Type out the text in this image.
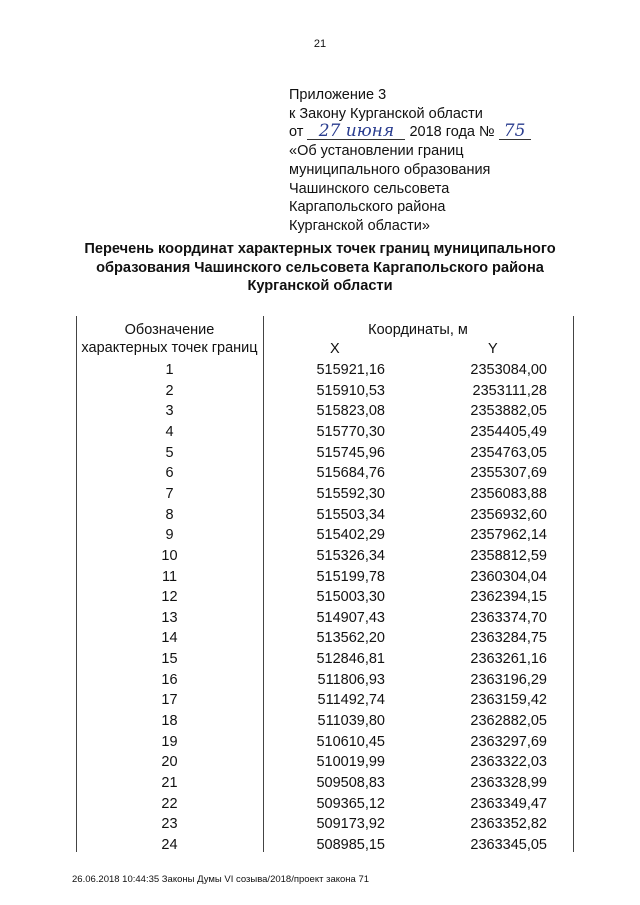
21
Приложение 3
к Закону Курганской области
от 27 июня 2018 года № 75
«Об установлении границ
муниципального образования
Чашинского сельсовета
Каргапольского района
Курганской области»
Перечень координат характерных точек границ муниципального
образования Чашинского сельсовета Каргапольского района
Курганской области
Обозначение
характерных точек границ
Координаты, м
X	Y
1	515921,16	2353084,00
2	515910,53	2353111,28
3	515823,08	2353882,05
4	515770,30	2354405,49
5	515745,96	2354763,05
6	515684,76	2355307,69
7	515592,30	2356083,88
8	515503,34	2356932,60
9	515402,29	2357962,14
10	515326,34	2358812,59
11	515199,78	2360304,04
12	515003,30	2362394,15
13	514907,43	2363374,70
14	513562,20	2363284,75
15	512846,81	2363261,16
16	511806,93	2363196,29
17	511492,74	2363159,42
18	511039,80	2362882,05
19	510610,45	2363297,69
20	510019,99	2363322,03
21	509508,83	2363328,99
22	509365,12	2363349,47
23	509173,92	2363352,82
24	508985,15	2363345,05
26.06.2018 10:44:35 Законы Думы VI созыва/2018/проект закона 71
